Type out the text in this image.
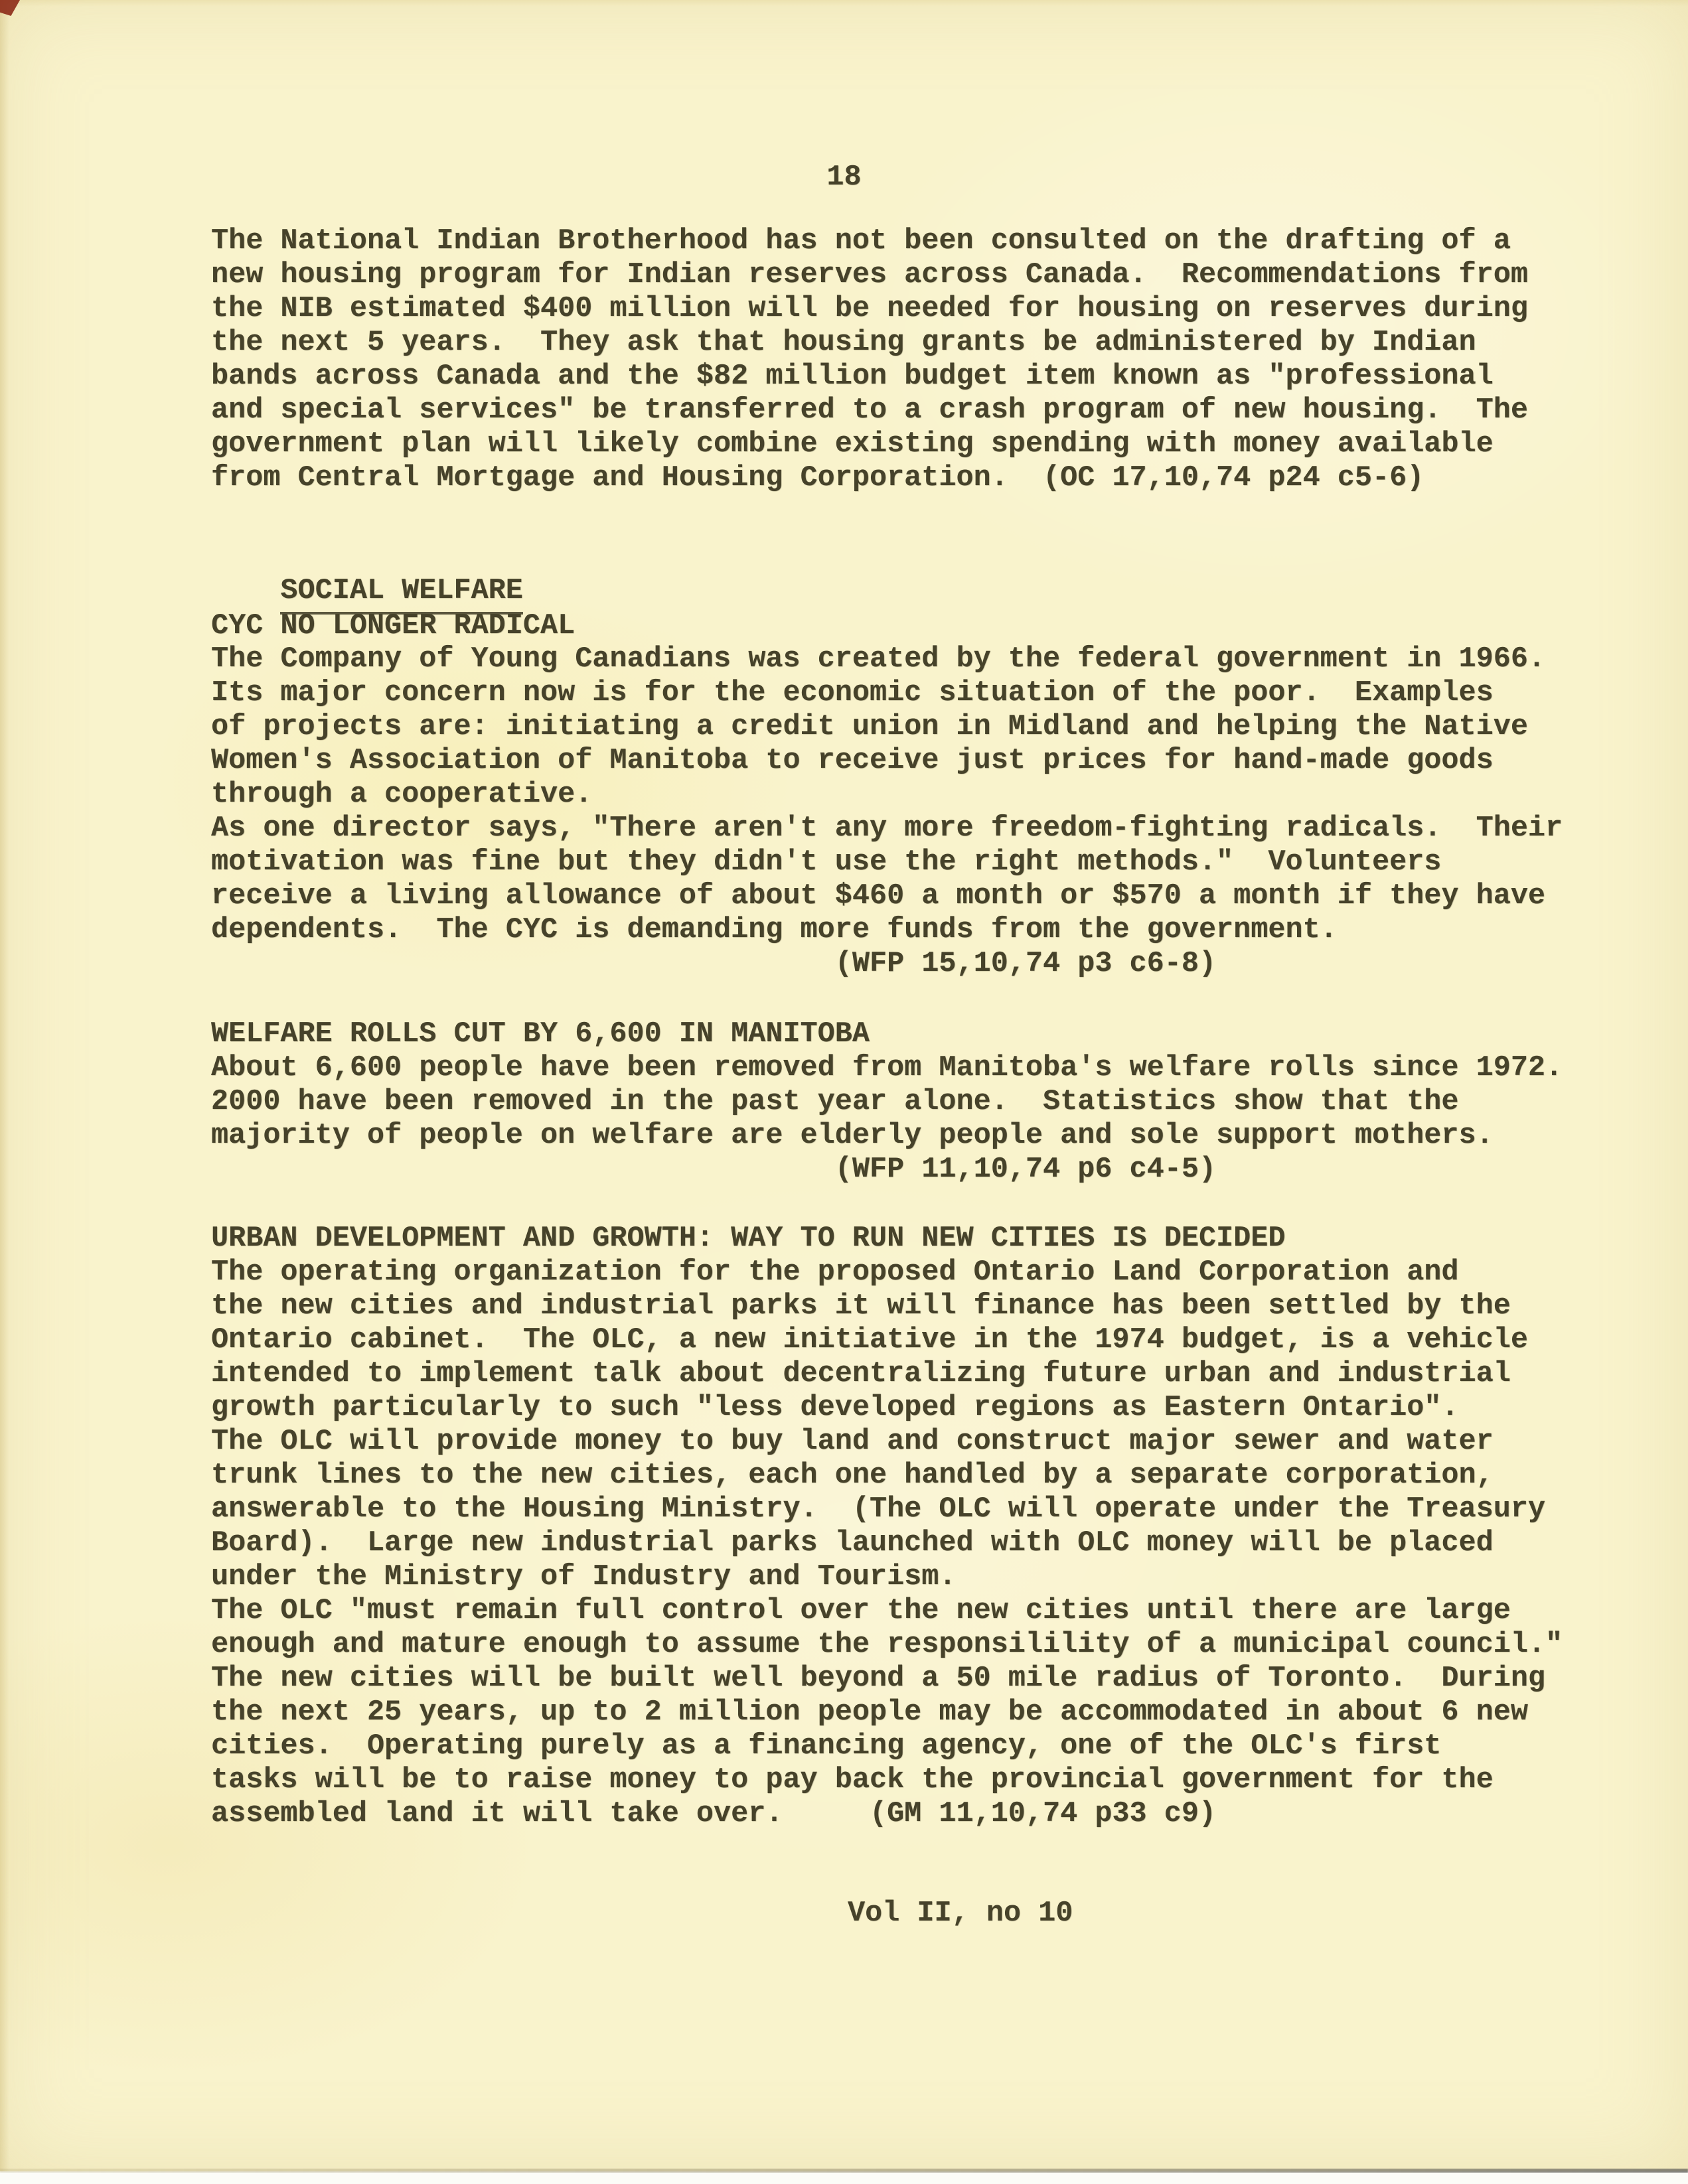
18
The National Indian Brotherhood has not been consulted on the drafting of a
new housing program for Indian reserves across Canada.  Recommendations from
the NIB estimated $400 million will be needed for housing on reserves during
the next 5 years.  They ask that housing grants be administered by Indian
bands across Canada and the $82 million budget item known as "professional
and special services" be transferred to a crash program of new housing.  The
government plan will likely combine existing spending with money available
from Central Mortgage and Housing Corporation.  (OC 17,10,74 p24 c5-6)

SOCIAL WELFARE

CYC NO LONGER RADICAL
The Company of Young Canadians was created by the federal government in 1966.
Its major concern now is for the economic situation of the poor.  Examples
of projects are: initiating a credit union in Midland and helping the Native
Women's Association of Manitoba to receive just prices for hand-made goods
through a cooperative.
As one director says, "There aren't any more freedom-fighting radicals.  Their
motivation was fine but they didn't use the right methods."  Volunteers
receive a living allowance of about $460 a month or $570 a month if they have
dependents.  The CYC is demanding more funds from the government.
(WFP 15,10,74 p3 c6-8)
WELFARE ROLLS CUT BY 6,600 IN MANITOBA
About 6,600 people have been removed from Manitoba's welfare rolls since 1972.
2000 have been removed in the past year alone.  Statistics show that the
majority of people on welfare are elderly people and sole support mothers.
(WFP 11,10,74 p6 c4-5)
URBAN DEVELOPMENT AND GROWTH: WAY TO RUN NEW CITIES IS DECIDED
The operating organization for the proposed Ontario Land Corporation and
the new cities and industrial parks it will finance has been settled by the
Ontario cabinet.  The OLC, a new initiative in the 1974 budget, is a vehicle
intended to implement talk about decentralizing future urban and industrial
growth particularly to such "less developed regions as Eastern Ontario".
The OLC will provide money to buy land and construct major sewer and water
trunk lines to the new cities, each one handled by a separate corporation,
answerable to the Housing Ministry.  (The OLC will operate under the Treasury
Board).  Large new industrial parks launched with OLC money will be placed
under the Ministry of Industry and Tourism.
The OLC "must remain full control over the new cities until there are large
enough and mature enough to assume the responsilility of a municipal council."
The new cities will be built well beyond a 50 mile radius of Toronto.  During
the next 25 years, up to 2 million people may be accommodated in about 6 new
cities.  Operating purely as a financing agency, one of the OLC's first
tasks will be to raise money to pay back the provincial government for the
assembled land it will take over.     (GM 11,10,74 p33 c9)
Vol II, no 10
